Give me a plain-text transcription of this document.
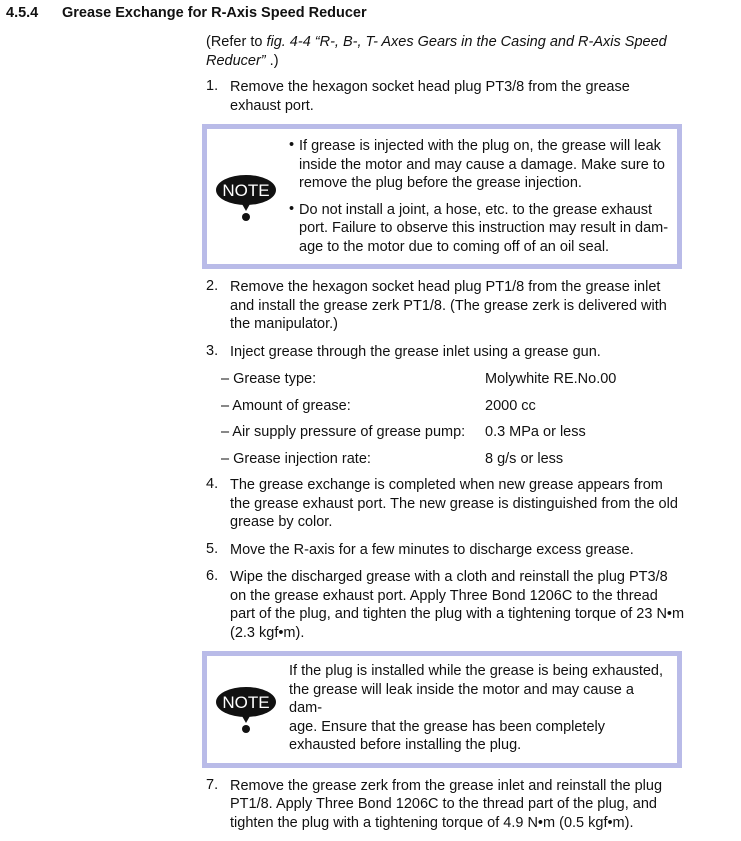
4.5.4 Grease Exchange for R-Axis Speed Reducer
(Refer to fig. 4-4 “R-, B-, T- Axes Gears in the Casing and R-Axis Speed
Reducer” .)
1. Remove the hexagon socket head plug PT3/8 from the grease
exhaust port.
NOTE
• If grease is injected with the plug on, the grease will leak
inside the motor and may cause a damage. Make sure to
remove the plug before the grease injection.
• Do not install a joint, a hose, etc. to the grease exhaust
port. Failure to observe this instruction may result in dam-
age to the motor due to coming off of an oil seal.
2. Remove the hexagon socket head plug PT1/8 from the grease inlet
and install the grease zerk PT1/8. (The grease zerk is delivered with
the manipulator.)
3. Inject grease through the grease inlet using a grease gun.
– Grease type:	Molywhite RE.No.00
– Amount of grease:	2000 cc
– Air supply pressure of grease pump:	0.3 MPa or less
– Grease injection rate:	8 g/s or less
4. The grease exchange is completed when new grease appears from
the grease exhaust port. The new grease is distinguished from the old
grease by color.
5. Move the R-axis for a few minutes to discharge excess grease.
6. Wipe the discharged grease with a cloth and reinstall the plug PT3/8
on the grease exhaust port. Apply Three Bond 1206C to the thread
part of the plug, and tighten the plug with a tightening torque of 23 N•m
(2.3 kgf•m).
NOTE
If the plug is installed while the grease is being exhausted,
the grease will leak inside the motor and may cause a dam-
age. Ensure that the grease has been completely
exhausted before installing the plug.
7. Remove the grease zerk from the grease inlet and reinstall the plug
PT1/8. Apply Three Bond 1206C to the thread part of the plug, and
tighten the plug with a tightening torque of 4.9 N•m (0.5 kgf•m).
